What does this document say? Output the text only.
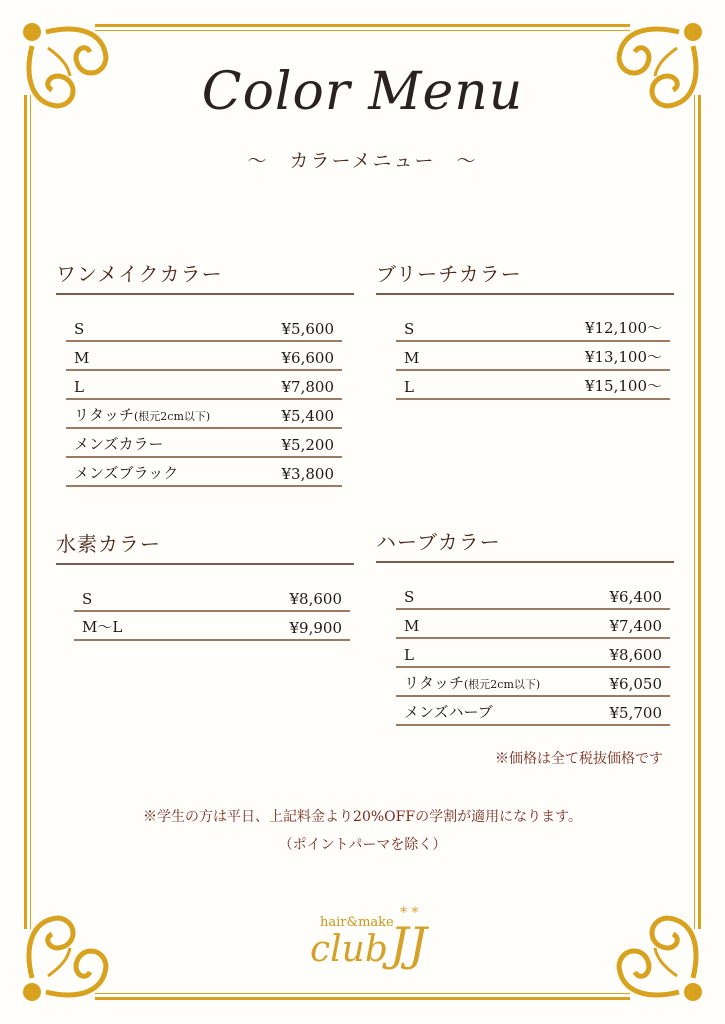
Color Menu
～　カラーメニュー　～
ワンメイクカラー
S	¥5,600
M	¥6,600
L	¥7,800
リタッチ(根元2cm以下)	¥5,400
メンズカラー	¥5,200
メンズブラック	¥3,800
ブリーチカラー
S	¥12,100～
M	¥13,100～
L	¥15,100～
水素カラー
S	¥8,600
M～L	¥9,900
ハーブカラー
S	¥6,400
M	¥7,400
L	¥8,600
リタッチ(根元2cm以下)	¥6,050
メンズハーブ	¥5,700
※価格は全て税抜価格です
※学生の方は平日、上記料金より20%OFFの学割が適用になります。
（ポイントパーマを除く）
hair&make
club
* *
JJ
